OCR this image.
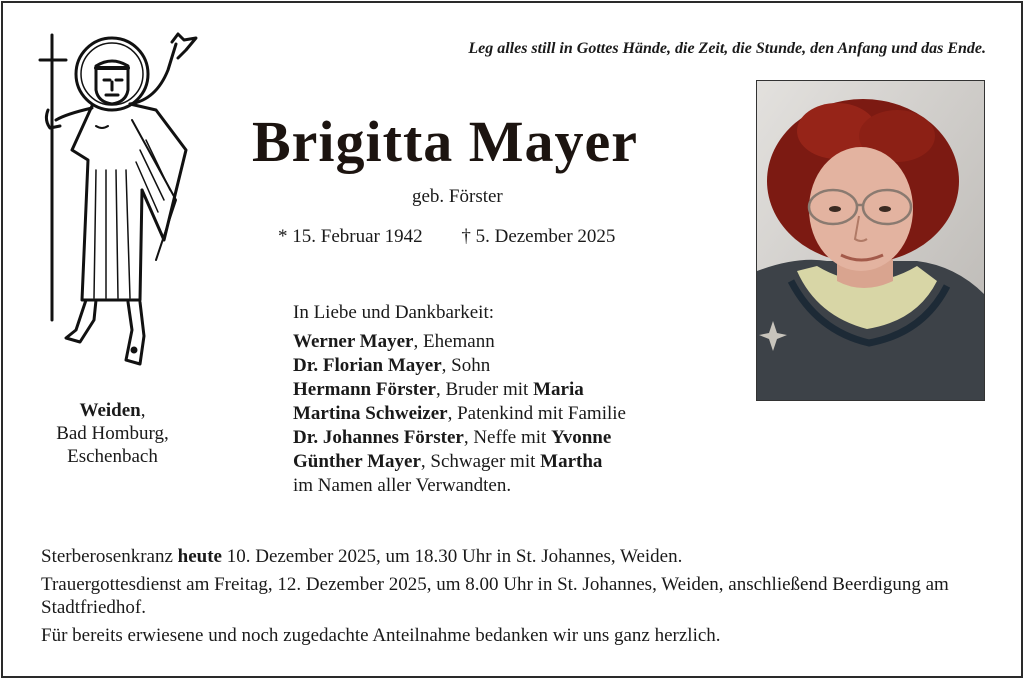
Leg alles still in Gottes Hände, die Zeit, die Stunde, den Anfang und das Ende.
Brigitta Mayer
geb. Förster
* 15. Februar 1942 † 5. Dezember 2025
Weiden,
Bad Homburg,
Eschenbach
In Liebe und Dankbarkeit:
Werner Mayer, Ehemann
Dr. Florian Mayer, Sohn
Hermann Förster, Bruder mit Maria
Martina Schweizer, Patenkind mit Familie
Dr. Johannes Förster, Neffe mit Yvonne
Günther Mayer, Schwager mit Martha
im Namen aller Verwandten.

Sterberosenkranz heute 10. Dezember 2025, um 18.30 Uhr in St. Johannes, Weiden.

Trauergottesdienst am Freitag, 12. Dezember 2025, um 8.00 Uhr in St. Johannes, Weiden, anschließend Beerdigung am Stadtfriedhof.

Für bereits erwiesene und noch zugedachte Anteilnahme bedanken wir uns ganz herzlich.
